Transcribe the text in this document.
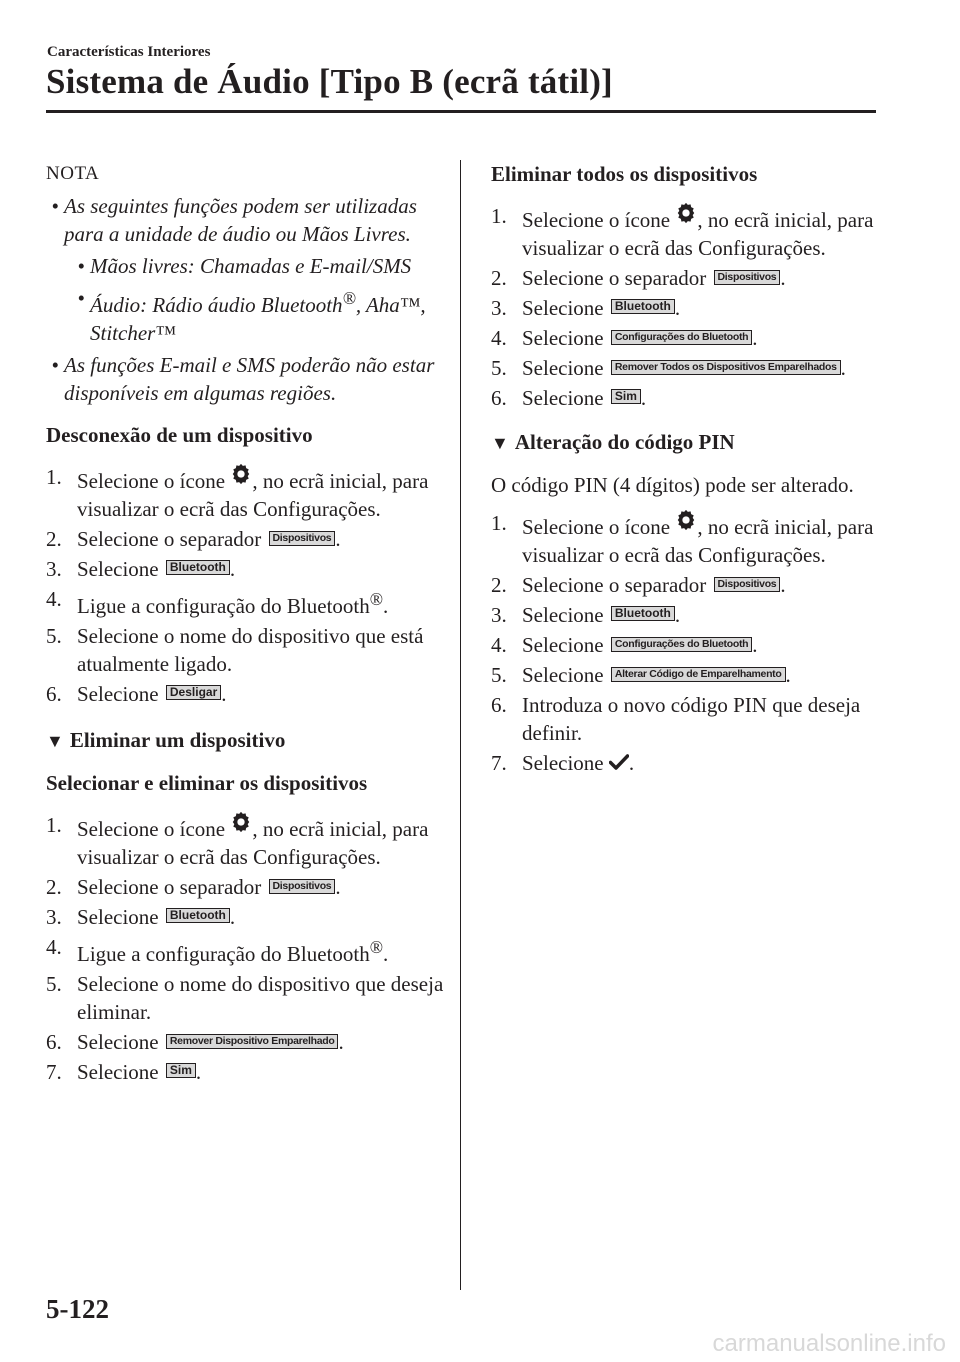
Características Interiores
Sistema de Áudio [Tipo B (ecrã tátil)]
NOTA
• As seguintes funções podem ser utilizadas para a unidade de áudio ou Mãos Livres.
• Mãos livres: Chamadas e E-mail/SMS
• Áudio: Rádio áudio Bluetooth®, Aha™, Stitcher™
• As funções E-mail e SMS poderão não estar disponíveis em algumas regiões.
Desconexão de um dispositivo
1. Selecione o ícone , no ecrã inicial, para visualizar o ecrã das Configurações.
2. Selecione o separador Dispositivos .
3. Selecione Bluetooth .
4. Ligue a configuração do Bluetooth®.
5. Selecione o nome do dispositivo que está atualmente ligado.
6. Selecione Desligar .
▼ Eliminar um dispositivo
Selecionar e eliminar os dispositivos
1. Selecione o ícone , no ecrã inicial, para visualizar o ecrã das Configurações.
2. Selecione o separador Dispositivos .
3. Selecione Bluetooth .
4. Ligue a configuração do Bluetooth®.
5. Selecione o nome do dispositivo que deseja eliminar.
6. Selecione Remover Dispositivo Emparelhado .
7. Selecione Sim .
Eliminar todos os dispositivos
1. Selecione o ícone , no ecrã inicial, para visualizar o ecrã das Configurações.
2. Selecione o separador Dispositivos .
3. Selecione Bluetooth .
4. Selecione Configurações do Bluetooth .
5. Selecione Remover Todos os Dispositivos Emparelhados .
6. Selecione Sim .
▼ Alteração do código PIN
O código PIN (4 dígitos) pode ser alterado.
1. Selecione o ícone , no ecrã inicial, para visualizar o ecrã das Configurações.
2. Selecione o separador Dispositivos .
3. Selecione Bluetooth .
4. Selecione Configurações do Bluetooth .
5. Selecione Alterar Código de Emparelhamento .
6. Introduza o novo código PIN que deseja definir.
7. Selecione .
5-122
carmanualsonline.info
